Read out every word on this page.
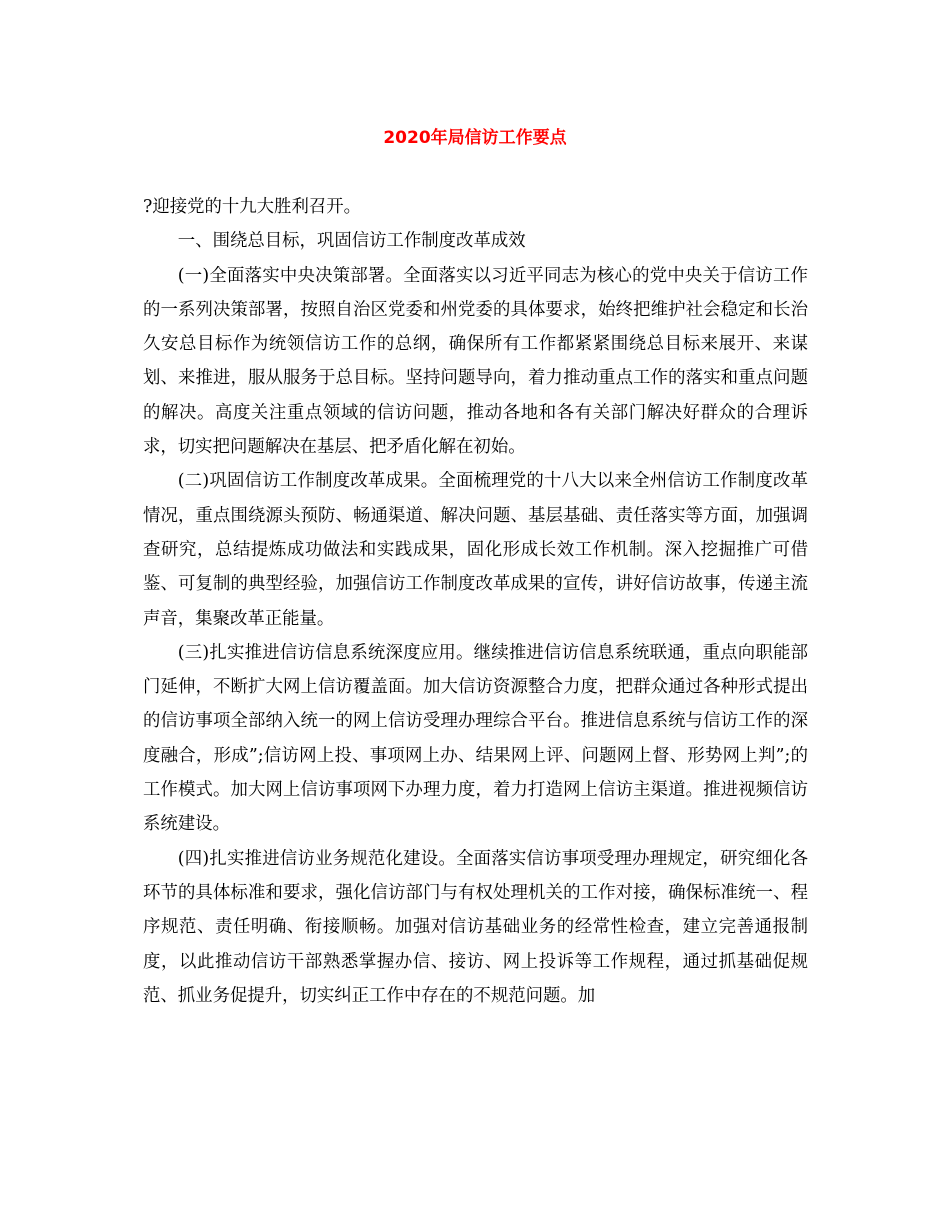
2020年局信访工作要点

?迎接党的十九大胜利召开。

一、围绕总目标，巩固信访工作制度改革成效

(一)全面落实中央决策部署。全面落实以习近平同志为核心的党中央关于信访工作的一系列决策部署，按照自治区党委和州党委的具体要求，始终把维护社会稳定和长治久安总目标作为统领信访工作的总纲，确保所有工作都紧紧围绕总目标来展开、来谋划、来推进，服从服务于总目标。坚持问题导向，着力推动重点工作的落实和重点问题的解决。高度关注重点领域的信访问题，推动各地和各有关部门解决好群众的合理诉求，切实把问题解决在基层、把矛盾化解在初始。

(二)巩固信访工作制度改革成果。全面梳理党的十八大以来全州信访工作制度改革情况，重点围绕源头预防、畅通渠道、解决问题、基层基础、责任落实等方面，加强调查研究，总结提炼成功做法和实践成果，固化形成长效工作机制。深入挖掘推广可借鉴、可复制的典型经验，加强信访工作制度改革成果的宣传，讲好信访故事，传递主流声音，集聚改革正能量。

(三)扎实推进信访信息系统深度应用。继续推进信访信息系统联通，重点向职能部门延伸，不断扩大网上信访覆盖面。加大信访资源整合力度，把群众通过各种形式提出的信访事项全部纳入统一的网上信访受理办理综合平台。推进信息系统与信访工作的深度融合，形成”;信访网上投、事项网上办、结果网上评、问题网上督、形势网上判”;的工作模式。加大网上信访事项网下办理力度，着力打造网上信访主渠道。推进视频信访系统建设。

(四)扎实推进信访业务规范化建设。全面落实信访事项受理办理规定，研究细化各环节的具体标准和要求，强化信访部门与有权处理机关的工作对接，确保标准统一、程序规范、责任明确、衔接顺畅。加强对信访基础业务的经常性检查，建立完善通报制度，以此推动信访干部熟悉掌握办信、接访、网上投诉等工作规程，通过抓基础促规范、抓业务促提升，切实纠正工作中存在的不规范问题。加
